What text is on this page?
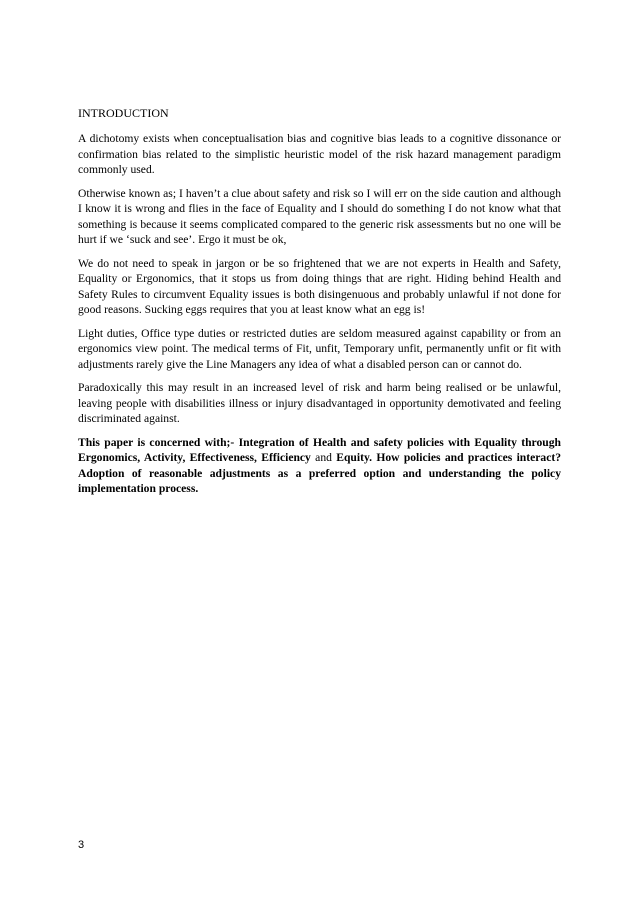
INTRODUCTION

A dichotomy exists when conceptualisation bias and cognitive bias leads to a cognitive dissonance or confirmation bias related to the simplistic heuristic model of the risk hazard management paradigm commonly used.

Otherwise known as; I haven’t a clue about safety and risk so I will err on the side caution and although I know it is wrong and flies in the face of Equality and I should do something I do not know what that something is because it seems complicated compared to the generic risk assessments but no one will be hurt if we ‘suck and see’. Ergo it must be ok,

We do not need to speak in jargon or be so frightened that we are not experts in Health and Safety, Equality or Ergonomics, that it stops us from doing things that are right. Hiding behind Health and Safety Rules to circumvent Equality issues is both disingenuous and probably unlawful if not done for good reasons. Sucking eggs requires that you at least know what an egg is!

Light duties, Office type duties or restricted duties are seldom measured against capability or from an ergonomics view point. The medical terms of Fit, unfit, Temporary unfit, permanently unfit or fit with adjustments rarely give the Line Managers any idea of what a disabled person can or cannot do.

Paradoxically this may result in an increased level of risk and harm being realised or be unlawful, leaving people with disabilities illness or injury disadvantaged in opportunity demotivated and feeling discriminated against.

This paper is concerned with;- Integration of Health and safety policies with Equality through Ergonomics, Activity, Effectiveness, Efficiency and Equity. How policies and practices interact? Adoption of reasonable adjustments as a preferred option and understanding the policy implementation process.

3
